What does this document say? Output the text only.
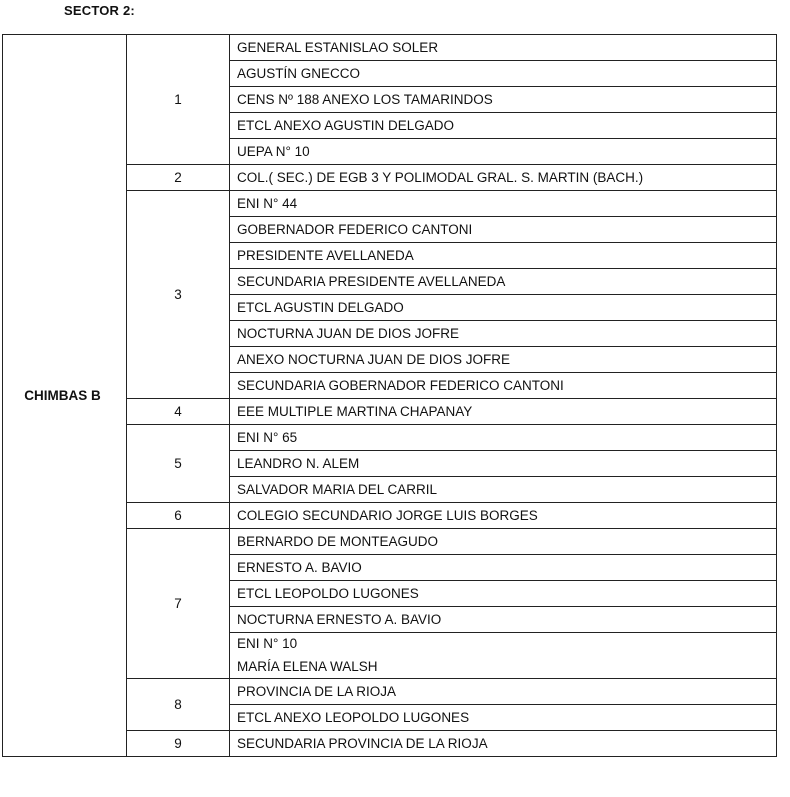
SECTOR 2:
CHIMBAS B	1	GENERAL ESTANISLAO SOLER
		AGUSTÍN GNECCO
		CENS Nº 188 ANEXO LOS TAMARINDOS
		ETCL ANEXO AGUSTIN DELGADO
		UEPA N° 10
	2	COL.( SEC.) DE EGB 3 Y POLIMODAL GRAL. S. MARTIN (BACH.)
	3	ENI N° 44
		GOBERNADOR FEDERICO CANTONI
		PRESIDENTE AVELLANEDA
		SECUNDARIA PRESIDENTE AVELLANEDA
		ETCL AGUSTIN DELGADO
		NOCTURNA JUAN DE DIOS JOFRE
		ANEXO NOCTURNA JUAN DE DIOS JOFRE
		SECUNDARIA GOBERNADOR FEDERICO CANTONI
	4	EEE MULTIPLE MARTINA CHAPANAY
	5	ENI N° 65
		LEANDRO N. ALEM
		SALVADOR MARIA DEL CARRIL
	6	COLEGIO SECUNDARIO JORGE LUIS BORGES
	7	BERNARDO DE MONTEAGUDO
		ERNESTO A. BAVIO
		ETCL LEOPOLDO LUGONES
		NOCTURNA ERNESTO A. BAVIO

		ENI N° 10
MARÍA ELENA WALSH

	8	PROVINCIA DE LA RIOJA
		ETCL ANEXO LEOPOLDO LUGONES
	9	SECUNDARIA PROVINCIA DE LA RIOJA
